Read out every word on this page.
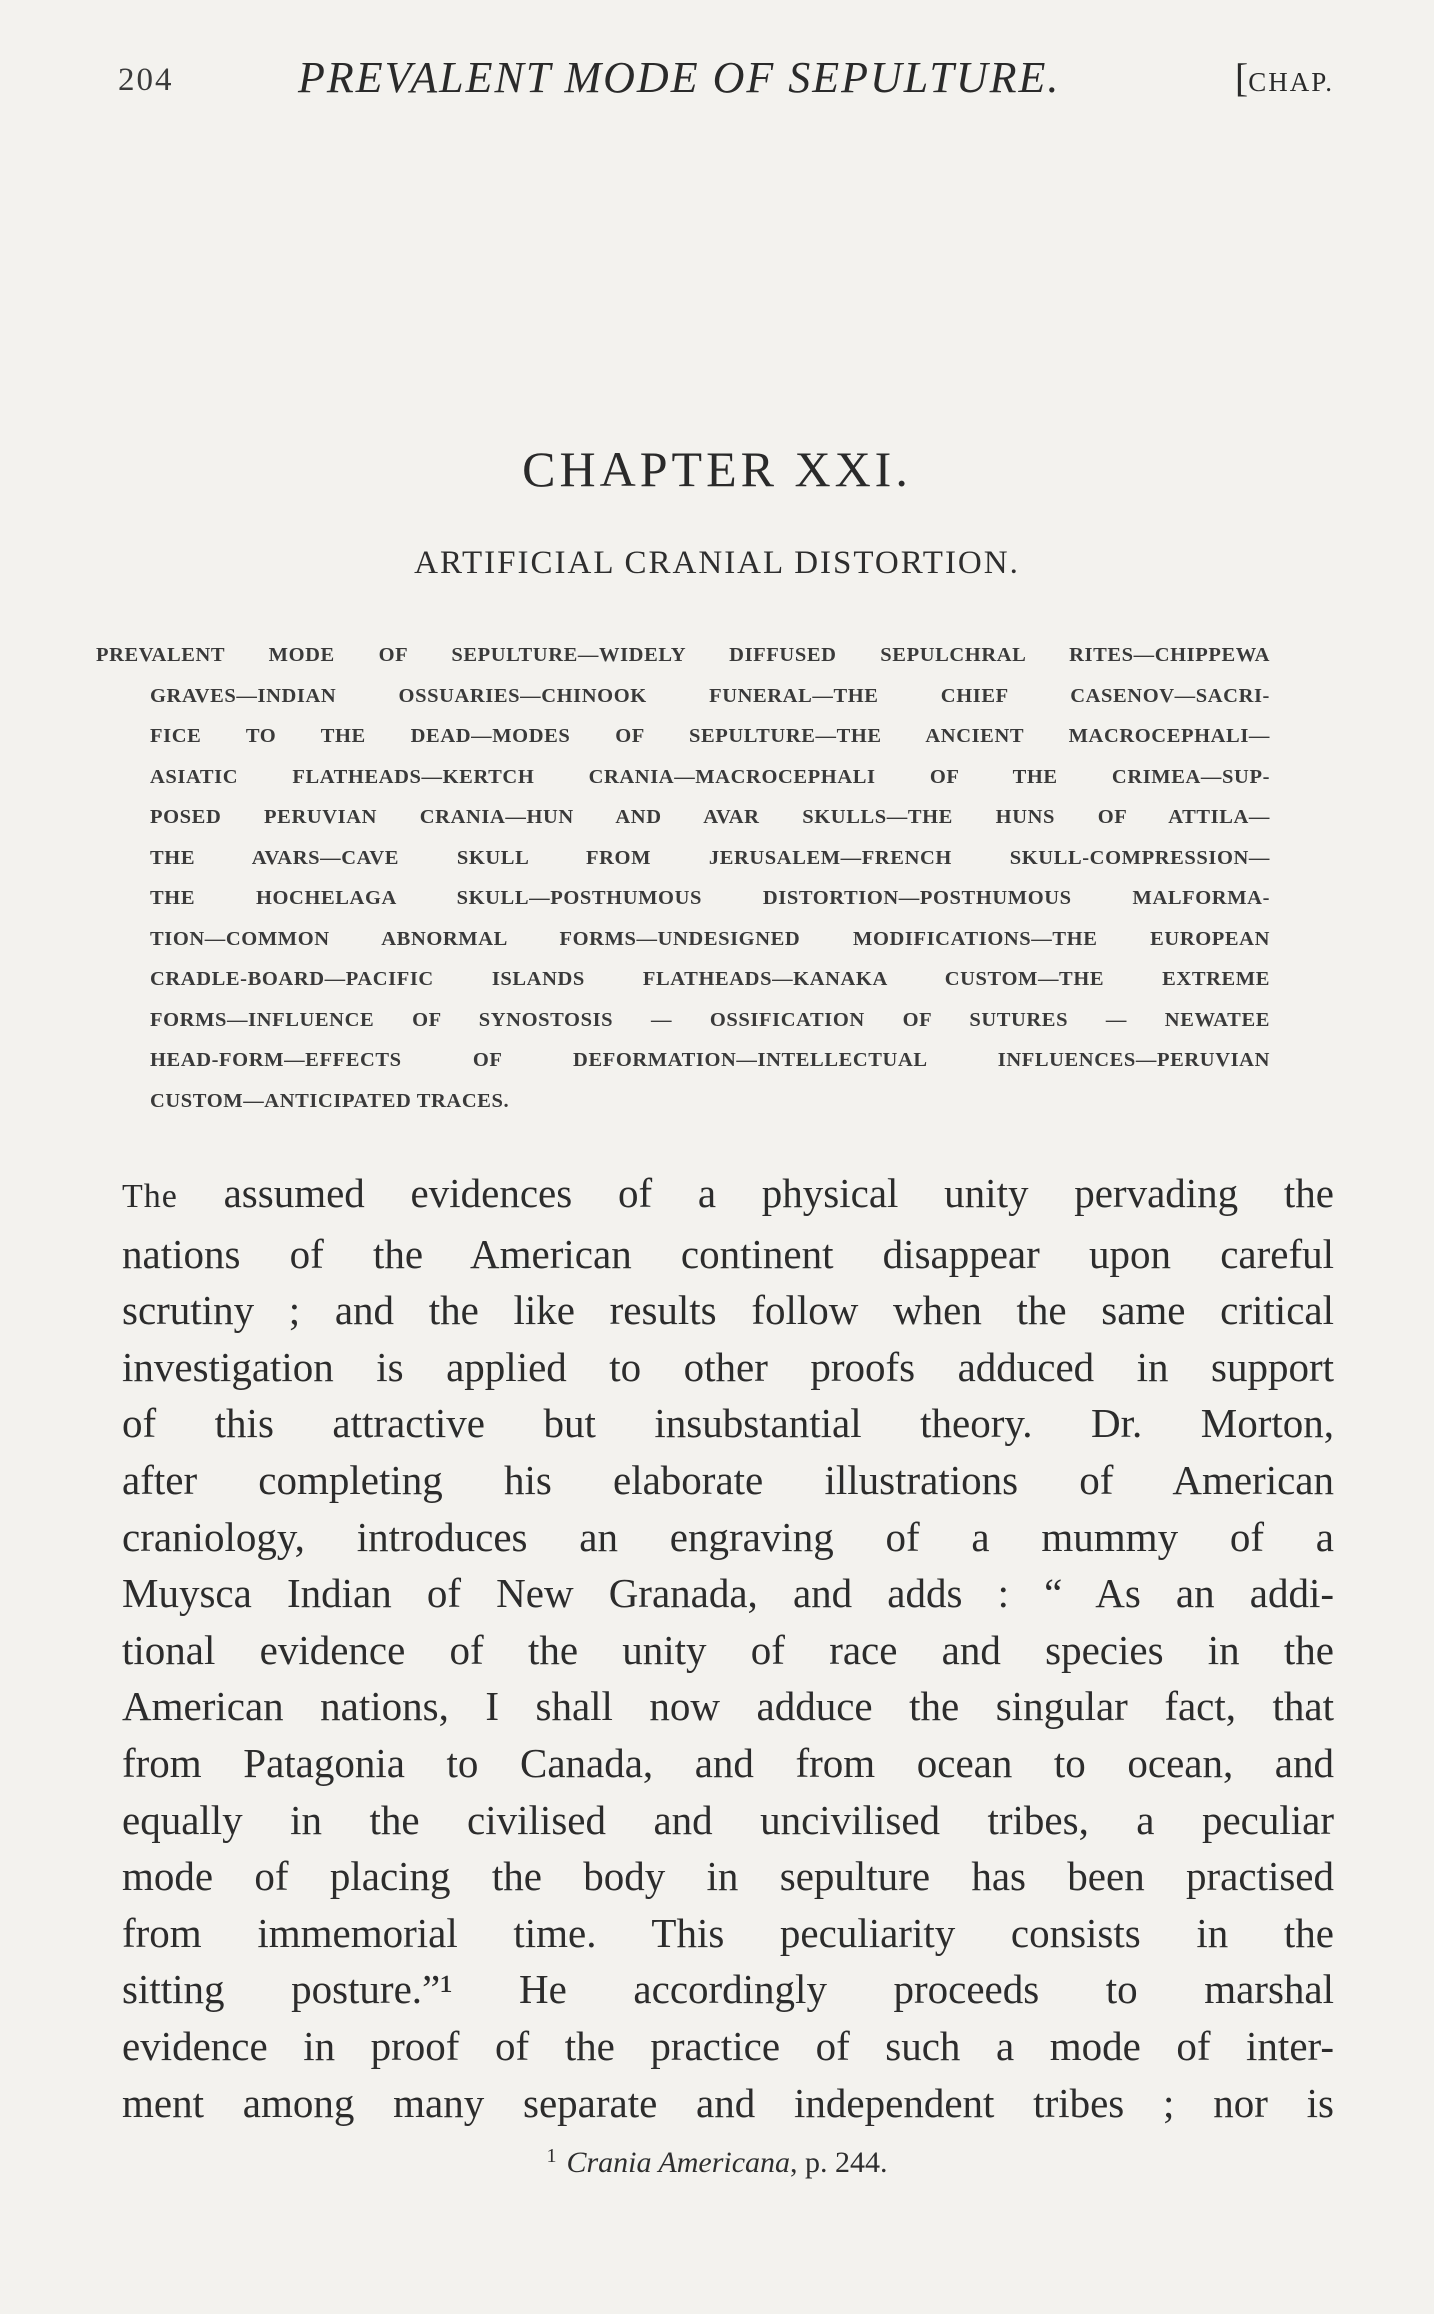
204	PREVALENT MODE OF SEPULTURE.	[CHAP.
CHAPTER XXI.
ARTIFICIAL CRANIAL DISTORTION.
PREVALENT MODE OF SEPULTURE—WIDELY DIFFUSED SEPULCHRAL RITES—CHIPPEWA
GRAVES—INDIAN OSSUARIES—CHINOOK FUNERAL—THE CHIEF CASENOV—SACRI-
FICE TO THE DEAD—MODES OF SEPULTURE—THE ANCIENT MACROCEPHALI—
ASIATIC FLATHEADS—KERTCH CRANIA—MACROCEPHALI OF THE CRIMEA—SUP-
POSED PERUVIAN CRANIA—HUN AND AVAR SKULLS—THE HUNS OF ATTILA—
THE AVARS—CAVE SKULL FROM JERUSALEM—FRENCH SKULL-COMPRESSION—
THE HOCHELAGA SKULL—POSTHUMOUS DISTORTION—POSTHUMOUS MALFORMA-
TION—COMMON ABNORMAL FORMS—UNDESIGNED MODIFICATIONS—THE EUROPEAN
CRADLE-BOARD—PACIFIC ISLANDS FLATHEADS—KANAKA CUSTOM—THE EXTREME
FORMS—INFLUENCE OF SYNOSTOSIS — OSSIFICATION OF SUTURES — NEWATEE
HEAD-FORM—EFFECTS OF DEFORMATION—INTELLECTUAL INFLUENCES—PERUVIAN
CUSTOM—ANTICIPATED TRACES.
The assumed evidences of a physical unity pervading the
nations of the American continent disappear upon careful
scrutiny ; and the like results follow when the same critical
investigation is applied to other proofs adduced in support
of this attractive but insubstantial theory. Dr. Morton,
after completing his elaborate illustrations of American
craniology, introduces an engraving of a mummy of a
Muysca Indian of New Granada, and adds : “ As an addi-
tional evidence of the unity of race and species in the
American nations, I shall now adduce the singular fact, that
from Patagonia to Canada, and from ocean to ocean, and
equally in the civilised and uncivilised tribes, a peculiar
mode of placing the body in sepulture has been practised
from immemorial time. This peculiarity consists in the
sitting posture.”¹ He accordingly proceeds to marshal
evidence in proof of the practice of such a mode of inter-
ment among many separate and independent tribes ; nor is
$^1$ Crania Americana, p. 244.
